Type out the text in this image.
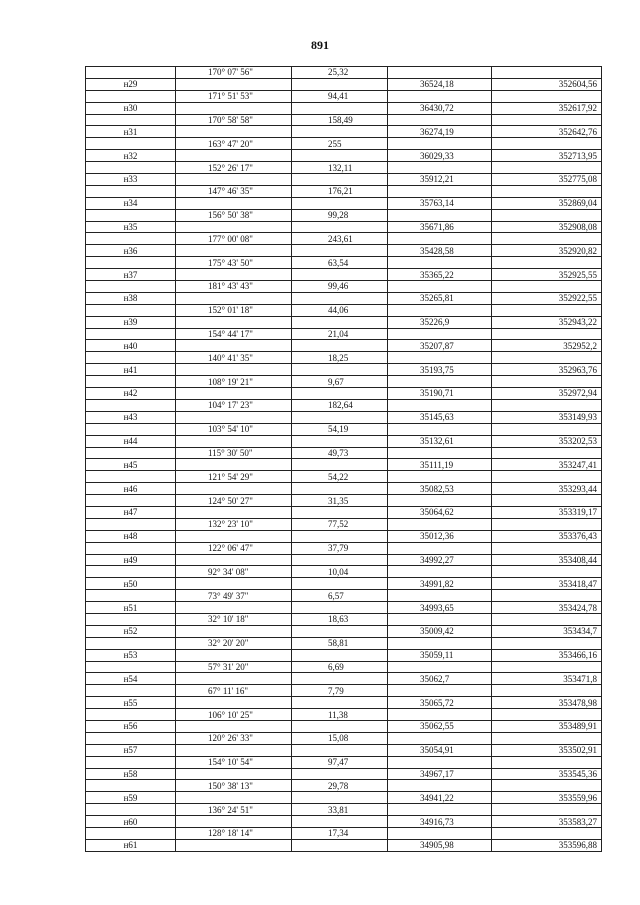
891
	170° 07' 56"	25,32		
н29			36524,18	352604,56
	171° 51' 53"	94,41		
н30			36430,72	352617,92
	170° 58' 58"	158,49		
н31			36274,19	352642,76
	163° 47' 20"	255		
н32			36029,33	352713,95
	152° 26' 17"	132,11		
н33			35912,21	352775,08
	147° 46' 35"	176,21		
н34			35763,14	352869,04
	156° 50' 38"	99,28		
н35			35671,86	352908,08
	177° 00' 08"	243,61		
н36			35428,58	352920,82
	175° 43' 50"	63,54		
н37			35365,22	352925,55
	181° 43' 43"	99,46		
н38			35265,81	352922,55
	152° 01' 18"	44,06		
н39			35226,9	352943,22
	154° 44' 17"	21,04		
н40			35207,87	352952,2
	140° 41' 35"	18,25		
н41			35193,75	352963,76
	108° 19' 21"	9,67		
н42			35190,71	352972,94
	104° 17' 23"	182,64		
н43			35145,63	353149,93
	103° 54' 10"	54,19		
н44			35132,61	353202,53
	115° 30' 50"	49,73		
н45			35111,19	353247,41
	121° 54' 29"	54,22		
н46			35082,53	353293,44
	124° 50' 27"	31,35		
н47			35064,62	353319,17
	132° 23' 10"	77,52		
н48			35012,36	353376,43
	122° 06' 47"	37,79		
н49			34992,27	353408,44
	92° 34' 08"	10,04		
н50			34991,82	353418,47
	73° 49' 37"	6,57		
н51			34993,65	353424,78
	32° 10' 18"	18,63		
н52			35009,42	353434,7
	32° 20' 20"	58,81		
н53			35059,11	353466,16
	57° 31' 20"	6,69		
н54			35062,7	353471,8
	67° 11' 16"	7,79		
н55			35065,72	353478,98
	106° 10' 25"	11,38		
н56			35062,55	353489,91
	120° 26' 33"	15,08		
н57			35054,91	353502,91
	154° 10' 54"	97,47		
н58			34967,17	353545,36
	150° 38' 13"	29,78		
н59			34941,22	353559,96
	136° 24' 51"	33,81		
н60			34916,73	353583,27
	128° 18' 14"	17,34		
н61			34905,98	353596,88
